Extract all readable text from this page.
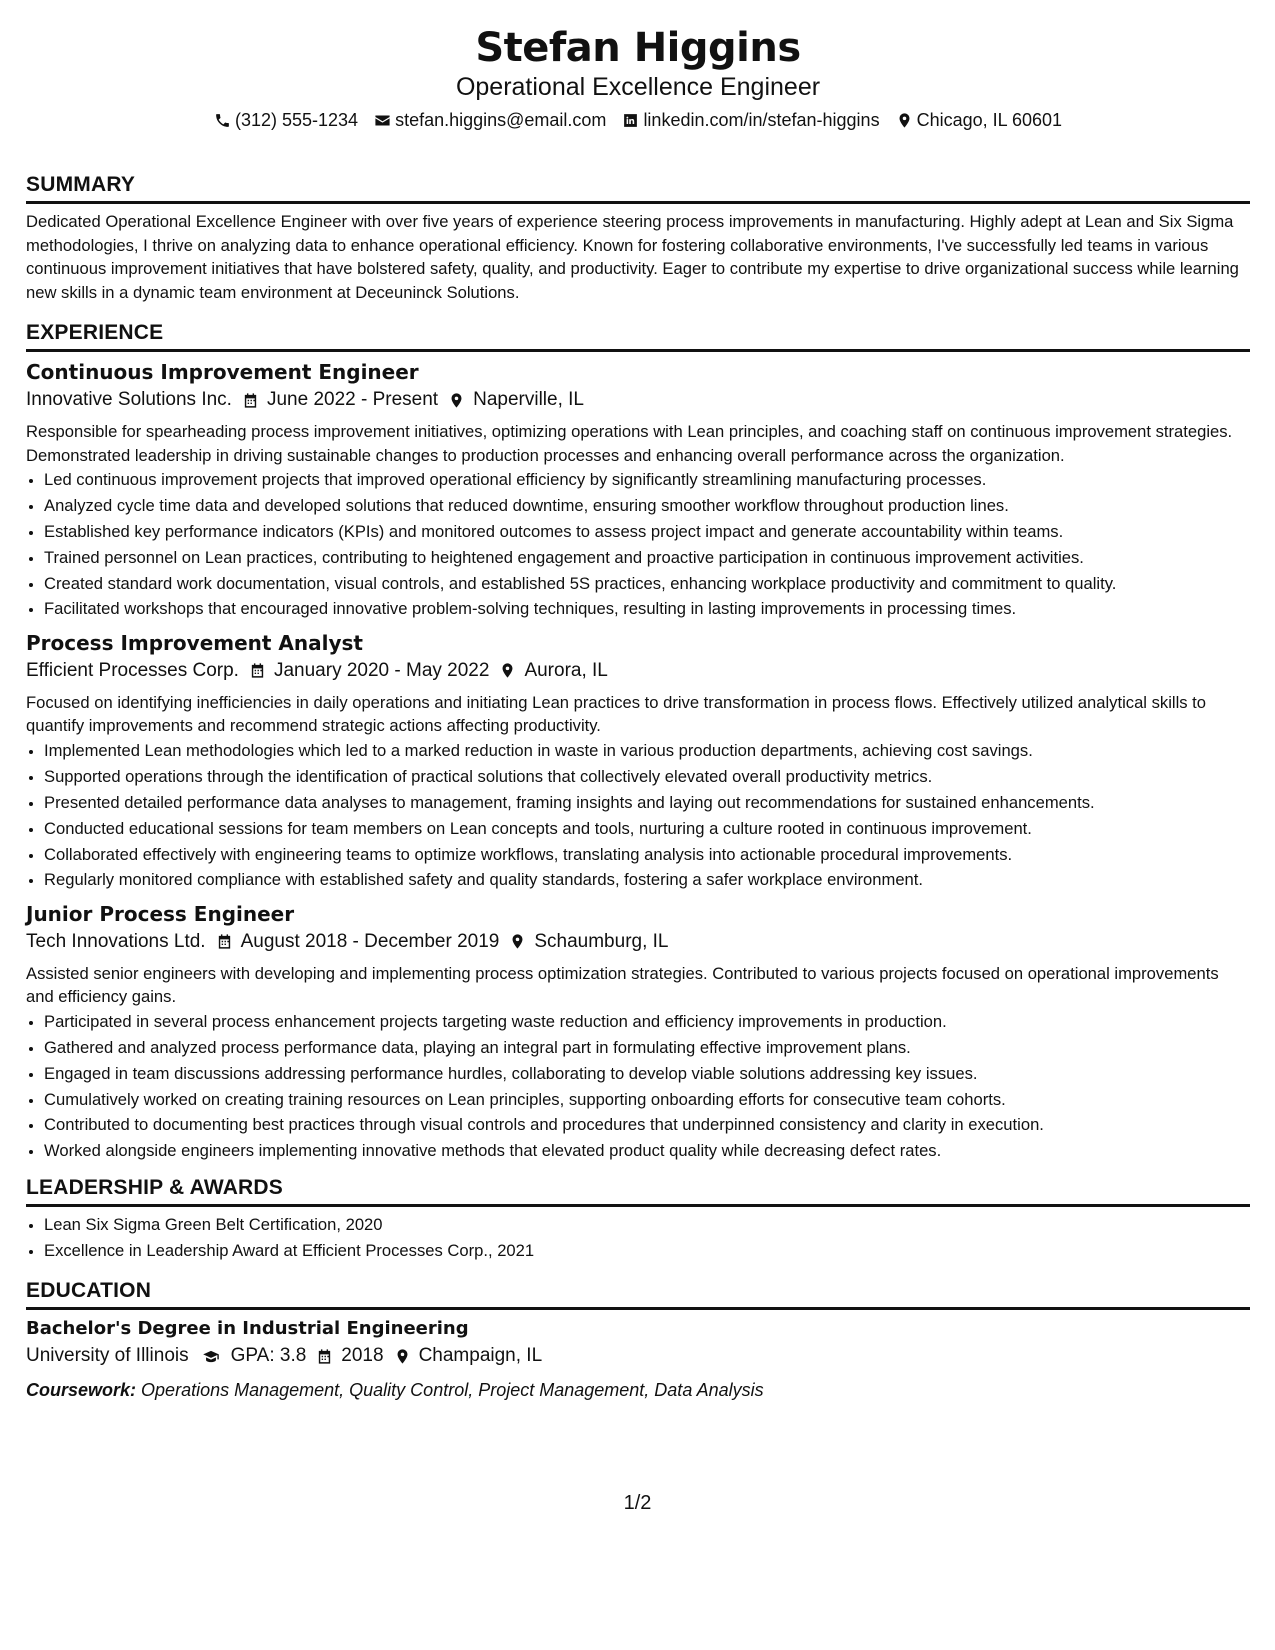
Stefan Higgins
Operational Excellence Engineer
(312) 555-1234 stefan.higgins@email.com linkedin.com/in/stefan-higgins Chicago, IL 60601
SUMMARY

Dedicated Operational Excellence Engineer with over five years of experience steering process improvements in manufacturing. Highly adept at Lean and Six Sigma methodologies, I thrive on analyzing data to enhance operational efficiency. Known for fostering collaborative environments, I've successfully led teams in various continuous improvement initiatives that have bolstered safety, quality, and productivity. Eager to contribute my expertise to drive organizational success while learning new skills in a dynamic team environment at Deceuninck Solutions.

EXPERIENCE
Continuous Improvement Engineer
Innovative Solutions Inc. June 2022 - Present Naperville, IL

Responsible for spearheading process improvement initiatives, optimizing operations with Lean principles, and coaching staff on continuous improvement strategies. Demonstrated leadership in driving sustainable changes to production processes and enhancing overall performance across the organization.

• Led continuous improvement projects that improved operational efficiency by significantly streamlining manufacturing processes.
• Analyzed cycle time data and developed solutions that reduced downtime, ensuring smoother workflow throughout production lines.
• Established key performance indicators (KPIs) and monitored outcomes to assess project impact and generate accountability within teams.
• Trained personnel on Lean practices, contributing to heightened engagement and proactive participation in continuous improvement activities.
• Created standard work documentation, visual controls, and established 5S practices, enhancing workplace productivity and commitment to quality.
• Facilitated workshops that encouraged innovative problem-solving techniques, resulting in lasting improvements in processing times.
Process Improvement Analyst
Efficient Processes Corp. January 2020 - May 2022 Aurora, IL

Focused on identifying inefficiencies in daily operations and initiating Lean practices to drive transformation in process flows. Effectively utilized analytical skills to quantify improvements and recommend strategic actions affecting productivity.

• Implemented Lean methodologies which led to a marked reduction in waste in various production departments, achieving cost savings.
• Supported operations through the identification of practical solutions that collectively elevated overall productivity metrics.
• Presented detailed performance data analyses to management, framing insights and laying out recommendations for sustained enhancements.
• Conducted educational sessions for team members on Lean concepts and tools, nurturing a culture rooted in continuous improvement.
• Collaborated effectively with engineering teams to optimize workflows, translating analysis into actionable procedural improvements.
• Regularly monitored compliance with established safety and quality standards, fostering a safer workplace environment.
Junior Process Engineer
Tech Innovations Ltd. August 2018 - December 2019 Schaumburg, IL

Assisted senior engineers with developing and implementing process optimization strategies. Contributed to various projects focused on operational improvements and efficiency gains.

• Participated in several process enhancement projects targeting waste reduction and efficiency improvements in production.
• Gathered and analyzed process performance data, playing an integral part in formulating effective improvement plans.
• Engaged in team discussions addressing performance hurdles, collaborating to develop viable solutions addressing key issues.
• Cumulatively worked on creating training resources on Lean principles, supporting onboarding efforts for consecutive team cohorts.
• Contributed to documenting best practices through visual controls and procedures that underpinned consistency and clarity in execution.
• Worked alongside engineers implementing innovative methods that elevated product quality while decreasing defect rates.
LEADERSHIP & AWARDS
• Lean Six Sigma Green Belt Certification, 2020
• Excellence in Leadership Award at Efficient Processes Corp., 2021
EDUCATION
Bachelor's Degree in Industrial Engineering
University of Illinois GPA: 3.8 2018 Champaign, IL
Coursework: Operations Management, Quality Control, Project Management, Data Analysis
1/2
